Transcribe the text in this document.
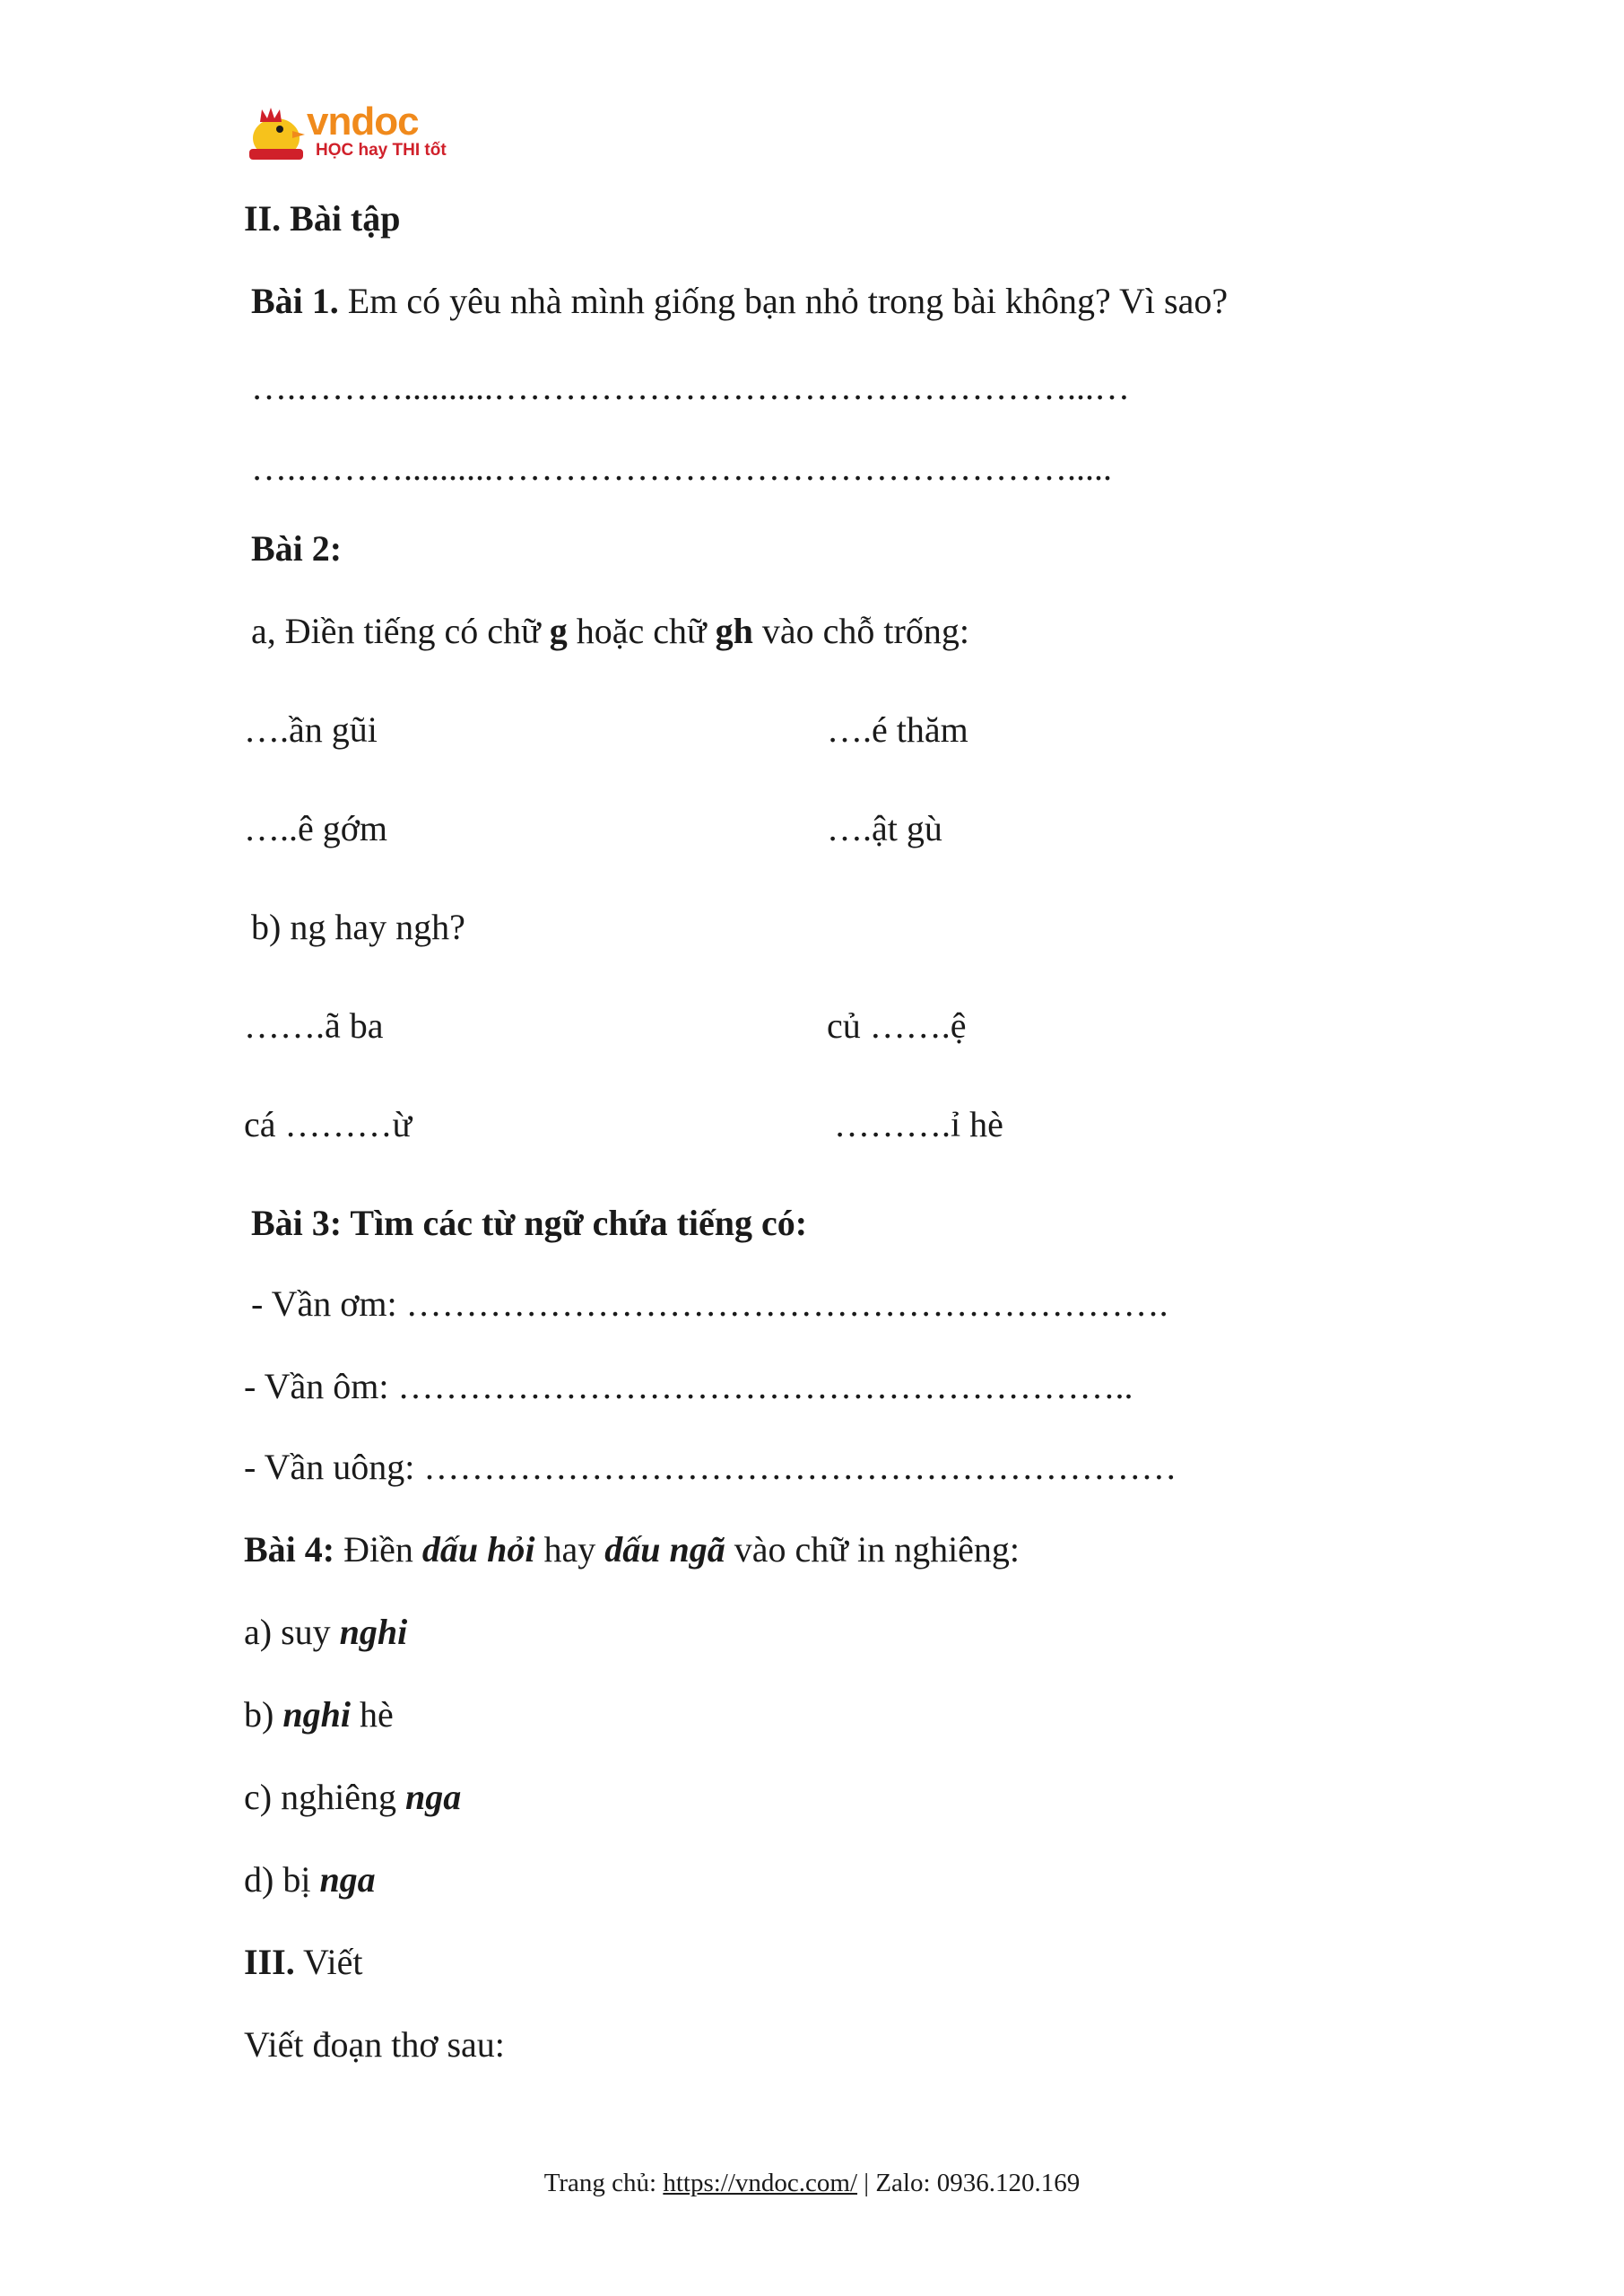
vndoc
HỌC hay THI tốt
II. Bài tập
Bài 1. Em có yêu nhà mình giống bạn nhỏ trong bài không? Vì sao?
….………..........…………………………………………...…
….………..........………………………………………….....
Bài 2:
a, Điền tiếng có chữ g hoặc chữ gh vào chỗ trống:
….ần gũi	….é thăm
…..ê gớm	….ật gù
b) ng hay ngh?
…….ã ba	củ …….ệ
cá ………ừ	……….ỉ hè
Bài 3: Tìm các từ ngữ chứa tiếng có:
- Vần ơm: ……………………………………………………….
- Vần ôm: ……………………………………………………..
- Vần uông: ………………………………………………………
Bài 4: Điền dấu hỏi hay dấu ngã vào chữ in nghiêng:
a) suy nghi
b) nghi hè
c) nghiêng nga
d) bị nga
III. Viết
Viết đoạn thơ sau:
Trang chủ: https://vndoc.com/ | Zalo: 0936.120.169
